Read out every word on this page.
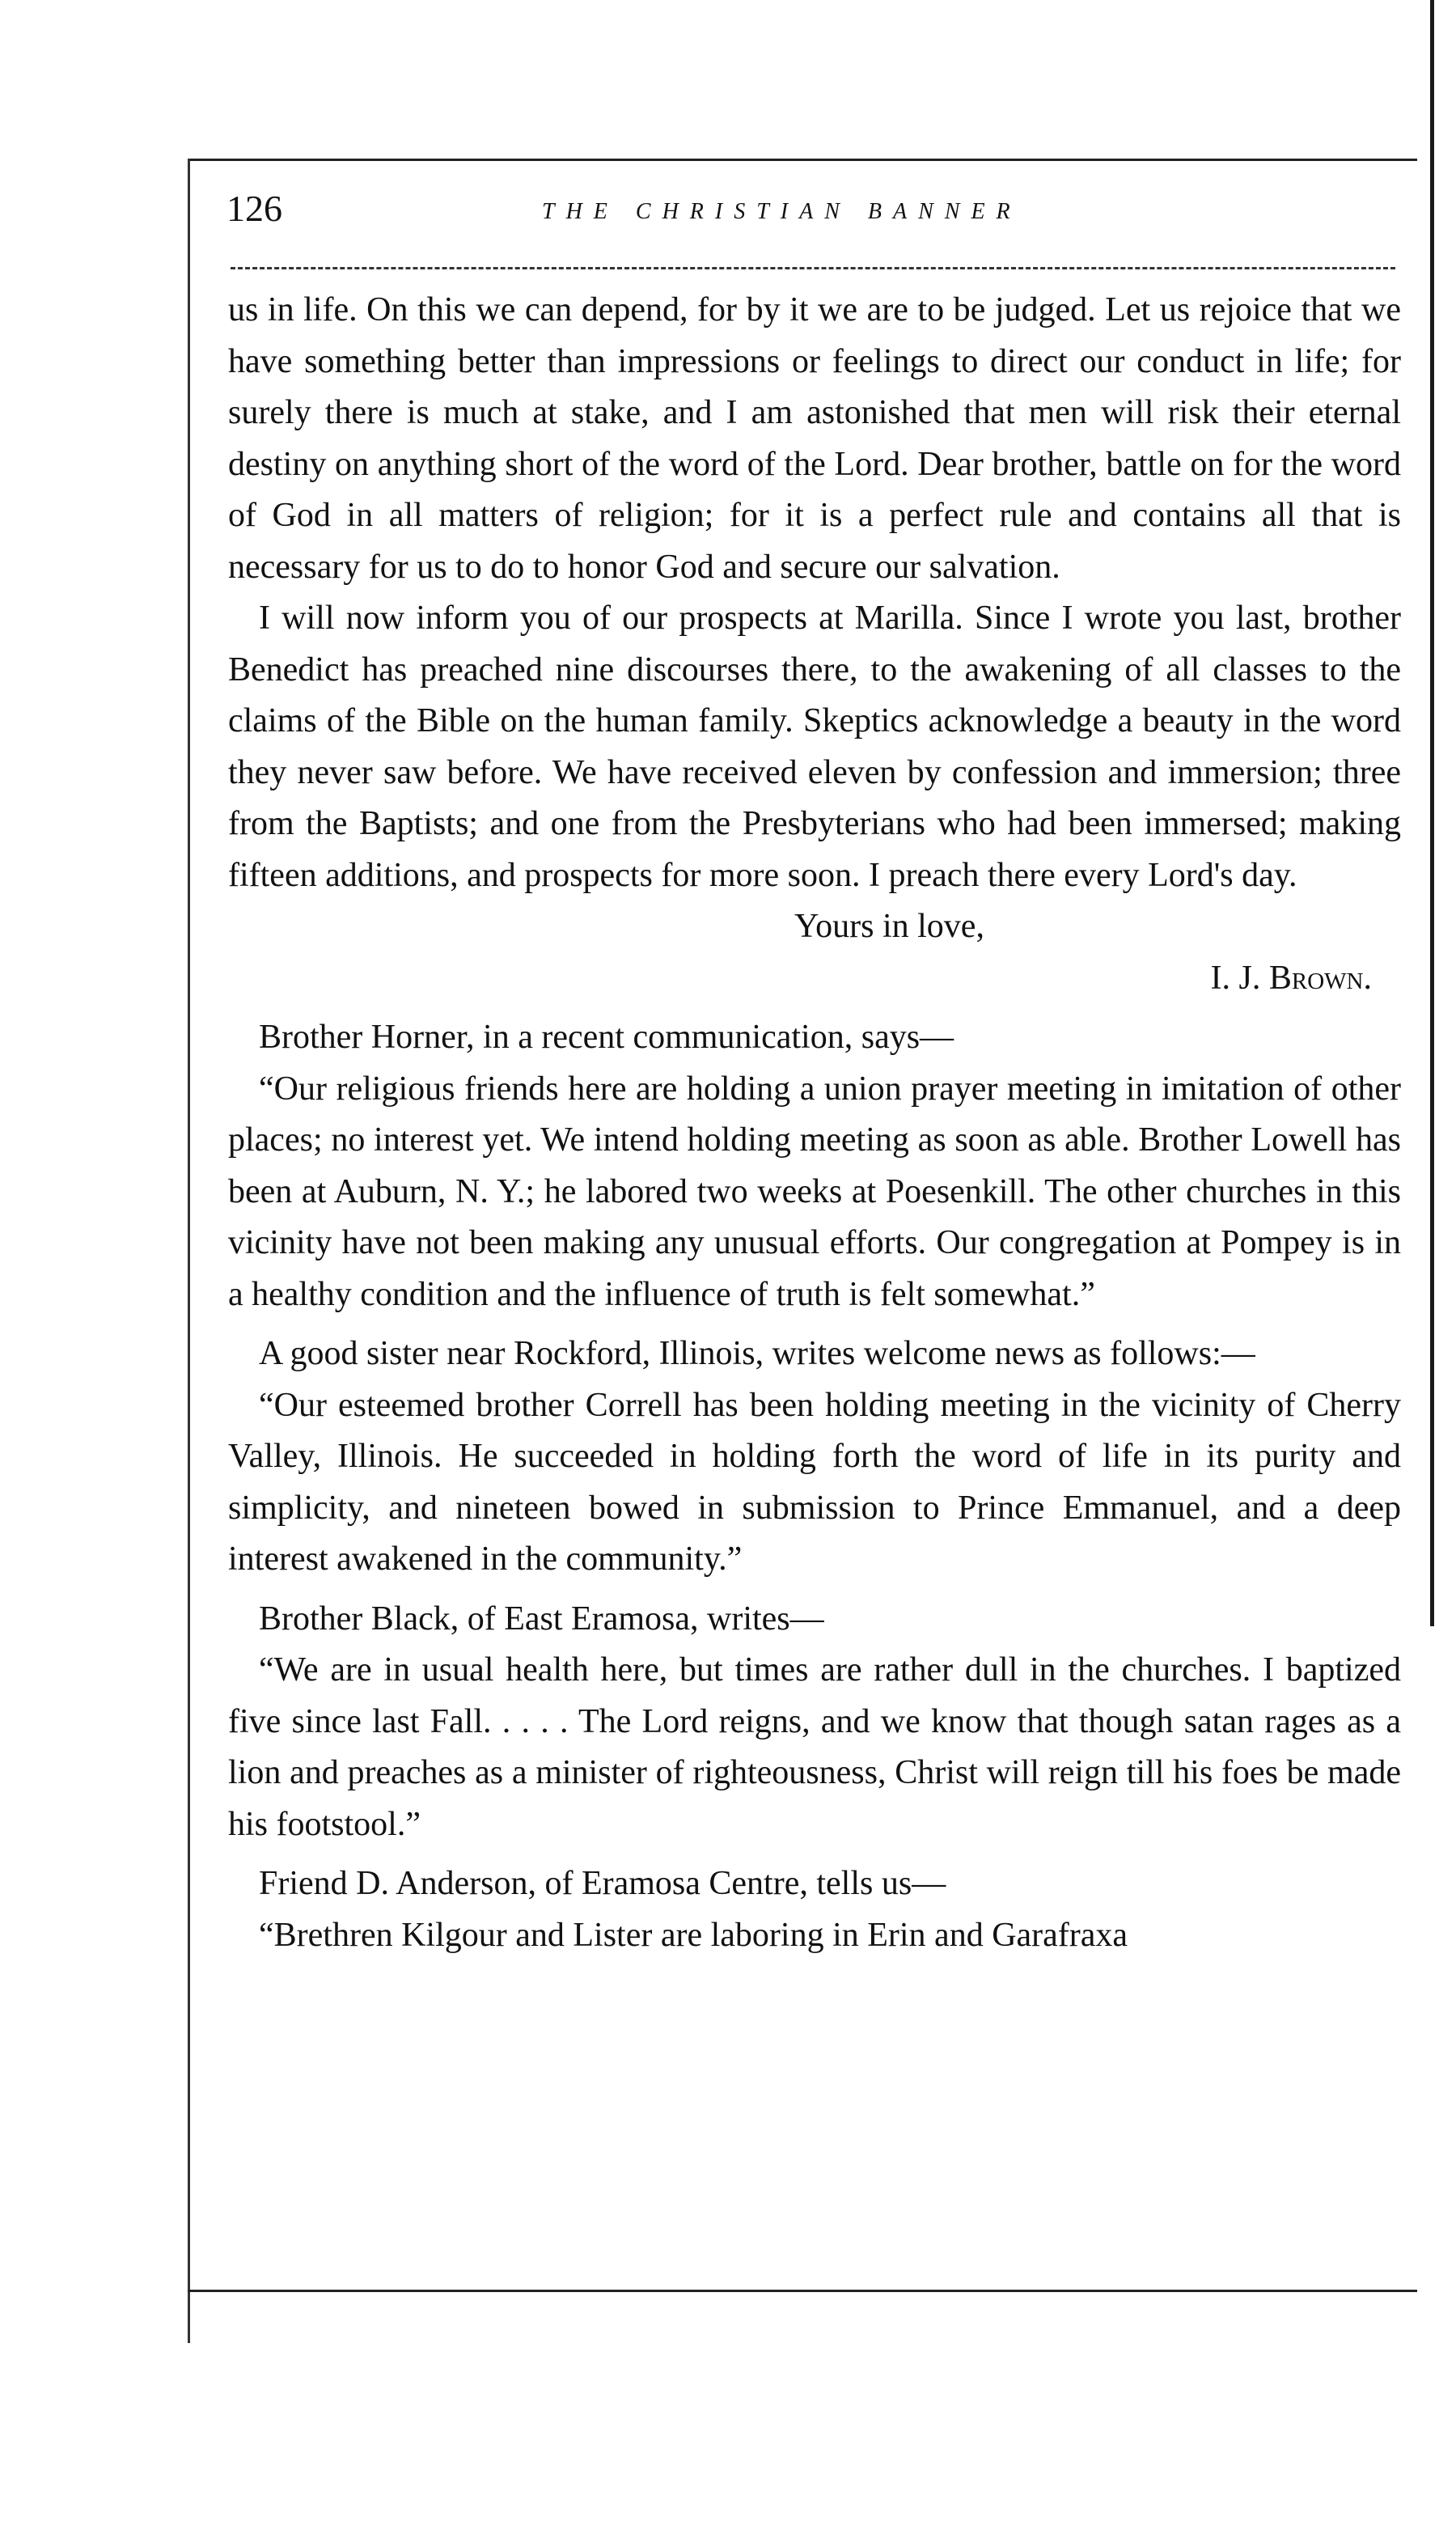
126	THE CHRISTIAN BANNER

us in life. On this we can depend, for by it we are to be judged. Let us rejoice that we have something better than impressions or feelings to direct our conduct in life; for surely there is much at stake, and I am astonished that men will risk their eternal destiny on anything short of the word of the Lord. Dear brother, battle on for the word of God in all matters of religion; for it is a perfect rule and contains all that is necessary for us to do to honor God and secure our salvation.

I will now inform you of our prospects at Marilla. Since I wrote you last, brother Benedict has preached nine discourses there, to the awakening of all classes to the claims of the Bible on the human family. Skeptics acknowledge a beauty in the word they never saw before. We have received eleven by confession and immersion; three from the Baptists; and one from the Presbyterians who had been immersed; making fifteen additions, and prospects for more soon. I preach there every Lord's day.

Yours in love,
I. J. Brown.

Brother Horner, in a recent communication, says—

“Our religious friends here are holding a union prayer meeting in imitation of other places; no interest yet. We intend holding meeting as soon as able. Brother Lowell has been at Auburn, N. Y.; he labored two weeks at Poesenkill. The other churches in this vicinity have not been making any unusual efforts. Our congregation at Pompey is in a healthy condition and the influence of truth is felt somewhat.”

A good sister near Rockford, Illinois, writes welcome news as follows:—

“Our esteemed brother Correll has been holding meeting in the vicinity of Cherry Valley, Illinois. He succeeded in holding forth the word of life in its purity and simplicity, and nineteen bowed in submission to Prince Emmanuel, and a deep interest awakened in the community.”

Brother Black, of East Eramosa, writes—

“We are in usual health here, but times are rather dull in the churches. I baptized five since last Fall. . . . . The Lord reigns, and we know that though satan rages as a lion and preaches as a minister of righteousness, Christ will reign till his foes be made his footstool.”

Friend D. Anderson, of Eramosa Centre, tells us—

“Brethren Kilgour and Lister are laboring in Erin and Garafraxa
